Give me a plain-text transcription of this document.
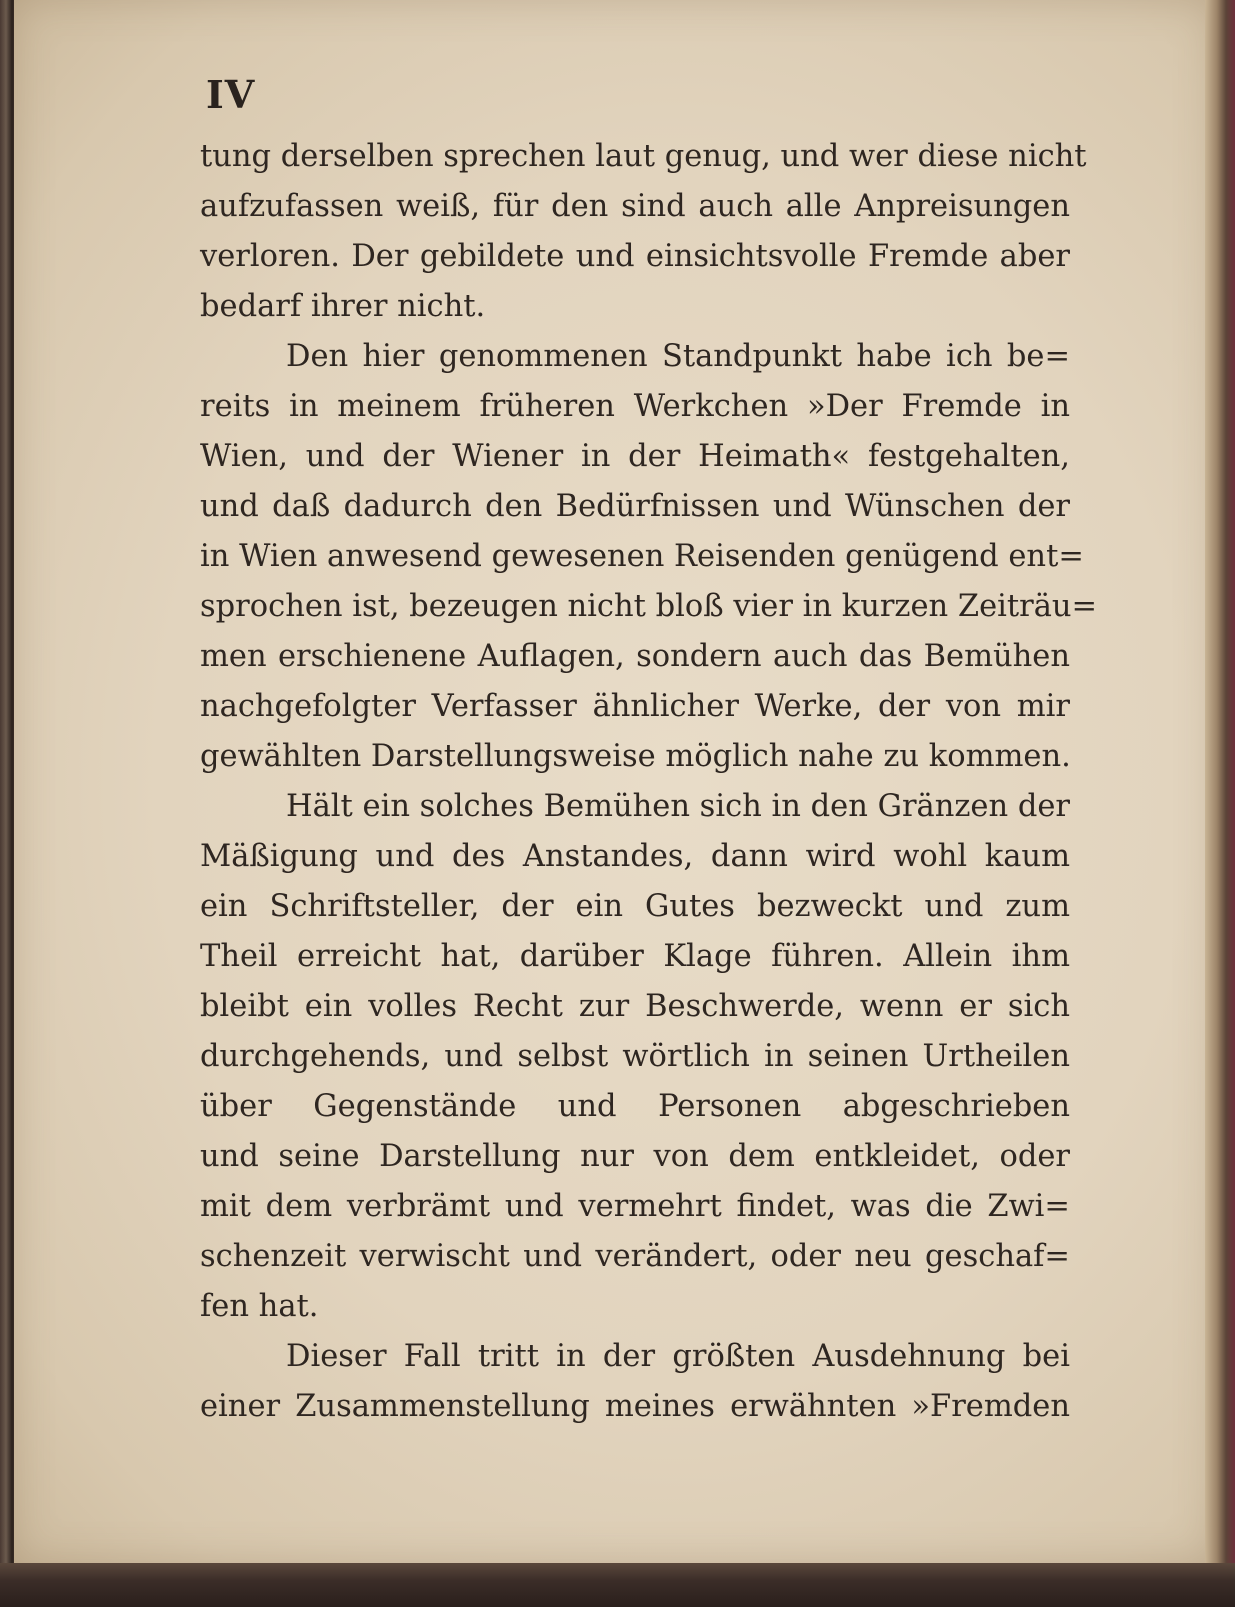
IV
tung derselben sprechen laut genug, und wer diese nicht
aufzufassen weiß, für den sind auch alle Anpreisungen
verloren. Der gebildete und einsichtsvolle Fremde aber
bedarf ihrer nicht.
Den hier genommenen Standpunkt habe ich be=
reits in meinem früheren Werkchen »Der Fremde in
Wien, und der Wiener in der Heimath« festgehalten,
und daß dadurch den Bedürfnissen und Wünschen der
in Wien anwesend gewesenen Reisenden genügend ent=
sprochen ist, bezeugen nicht bloß vier in kurzen Zeiträu=
men erschienene Auflagen, sondern auch das Bemühen
nachgefolgter Verfasser ähnlicher Werke, der von mir
gewählten Darstellungsweise möglich nahe zu kommen.
Hält ein solches Bemühen sich in den Gränzen der
Mäßigung und des Anstandes, dann wird wohl kaum
ein Schriftsteller, der ein Gutes bezweckt und zum
Theil erreicht hat, darüber Klage führen. Allein ihm
bleibt ein volles Recht zur Beschwerde, wenn er sich
durchgehends, und selbst wörtlich in seinen Urtheilen
über Gegenstände und Personen abgeschrieben
und seine Darstellung nur von dem entkleidet, oder
mit dem verbrämt und vermehrt findet, was die Zwi=
schenzeit verwischt und verändert, oder neu geschaf=
fen hat.
Dieser Fall tritt in der größten Ausdehnung bei
einer Zusammenstellung meines erwähnten »Fremden
